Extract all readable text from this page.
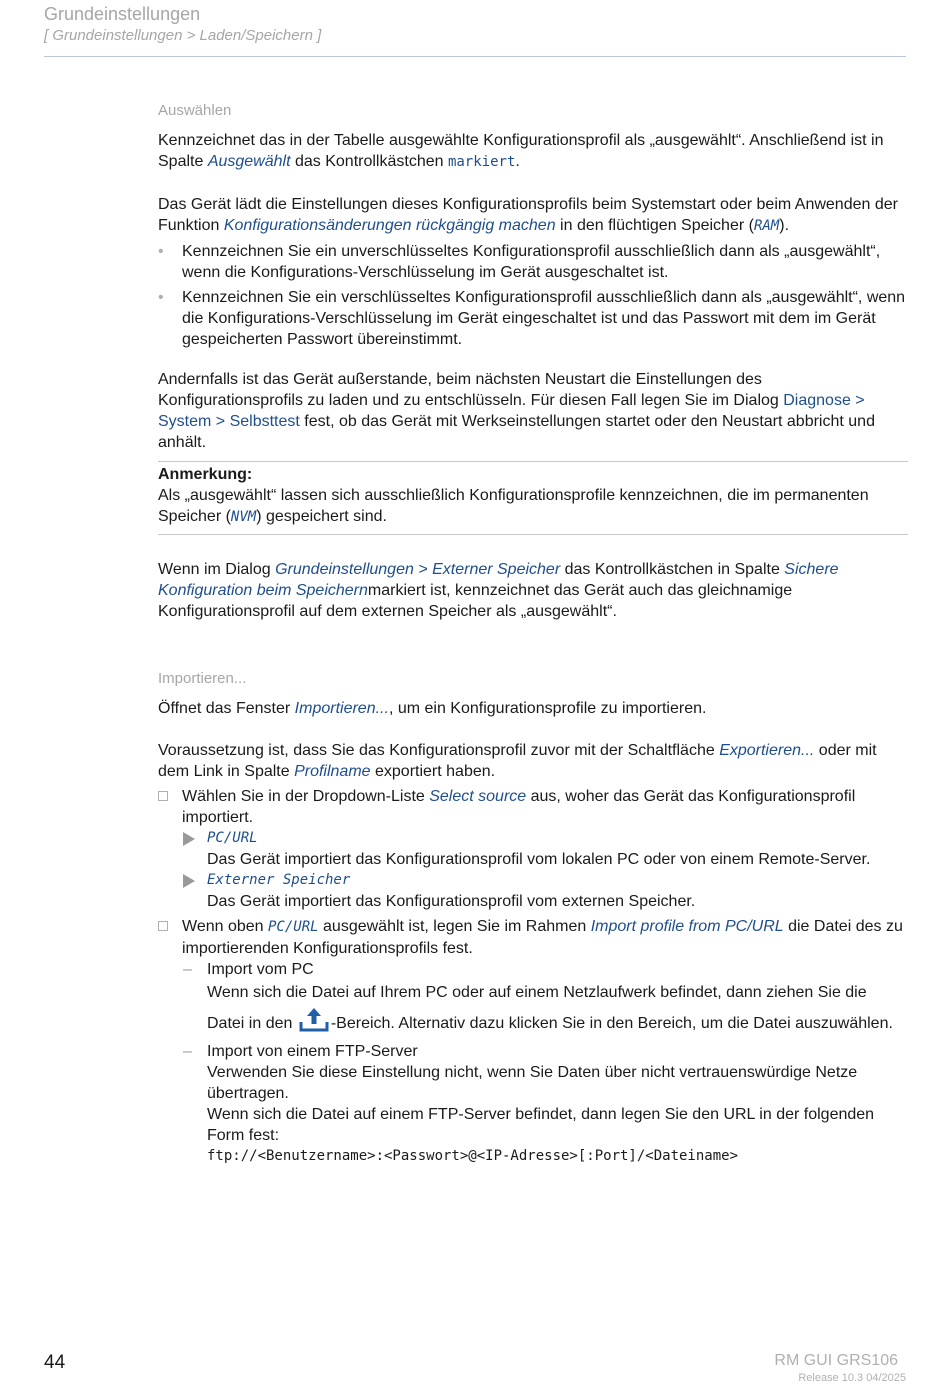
Grundeinstellungen
[ Grundeinstellungen > Laden/Speichern ]
Auswählen

Kennzeichnet das in der Tabelle ausgewählte Konfigurationsprofil als „ausgewählt“. Anschließend ist in Spalte Ausgewählt das Kontrollkästchen markiert.

Das Gerät lädt die Einstellungen dieses Konfigurationsprofils beim Systemstart oder beim Anwenden der Funktion Konfigurationsänderungen rückgängig machen in den flüchtigen Speicher (RAM).

• Kennzeichnen Sie ein unverschlüsseltes Konfigurationsprofil ausschließlich dann als „ausgewählt“, wenn die Konfigurations-Verschlüsselung im Gerät ausgeschaltet ist.
• Kennzeichnen Sie ein verschlüsseltes Konfigurationsprofil ausschließlich dann als „ausgewählt“, wenn die Konfigurations-Verschlüsselung im Gerät eingeschaltet ist und das Passwort mit dem im Gerät gespeicherten Passwort übereinstimmt.

Andernfalls ist das Gerät außerstande, beim nächsten Neustart die Einstellungen des Konfigurationsprofils zu laden und zu entschlüsseln. Für diesen Fall legen Sie im Dialog Diagnose > System > Selbsttest fest, ob das Gerät mit Werkseinstellungen startet oder den Neustart abbricht und anhält.

Anmerkung:

Als „ausgewählt“ lassen sich ausschließlich Konfigurationsprofile kennzeichnen, die im permanenten Speicher (NVM) gespeichert sind.

Wenn im Dialog Grundeinstellungen > Externer Speicher das Kontrollkästchen in Spalte Sichere Konfiguration beim Speichernmarkiert ist, kennzeichnet das Gerät auch das gleichnamige Konfigurationsprofil auf dem externen Speicher als „ausgewählt“.

Importieren...

Öffnet das Fenster Importieren..., um ein Konfigurationsprofile zu importieren.

Voraussetzung ist, dass Sie das Konfigurationsprofil zuvor mit der Schaltfläche Exportieren... oder mit dem Link in Spalte Profilname exportiert haben.

Wählen Sie in der Dropdown-Liste Select source aus, woher das Gerät das Konfigurationsprofil importiert.
PC/URL
Das Gerät importiert das Konfigurationsprofil vom lokalen PC oder von einem Remote-Server.
Externer Speicher
Das Gerät importiert das Konfigurationsprofil vom externen Speicher.
Wenn oben PC/URL ausgewählt ist, legen Sie im Rahmen Import profile from PC/URL die Datei des zu importierenden Konfigurationsprofils fest.
– Import vom PC
Wenn sich die Datei auf Ihrem PC oder auf einem Netzlaufwerk befindet, dann ziehen Sie die Datei in den -Bereich. Alternativ dazu klicken Sie in den Bereich, um die Datei auszuwählen.
– Import von einem FTP-Server
Verwenden Sie diese Einstellung nicht, wenn Sie Daten über nicht vertrauenswürdige Netze übertragen.
Wenn sich die Datei auf einem FTP-Server befindet, dann legen Sie den URL in der folgenden Form fest:
ftp://<Benutzername>:<Passwort>@<IP-Adresse>[:Port]/<Dateiname>
44	RM GUI GRS106
Release 10.3 04/2025
